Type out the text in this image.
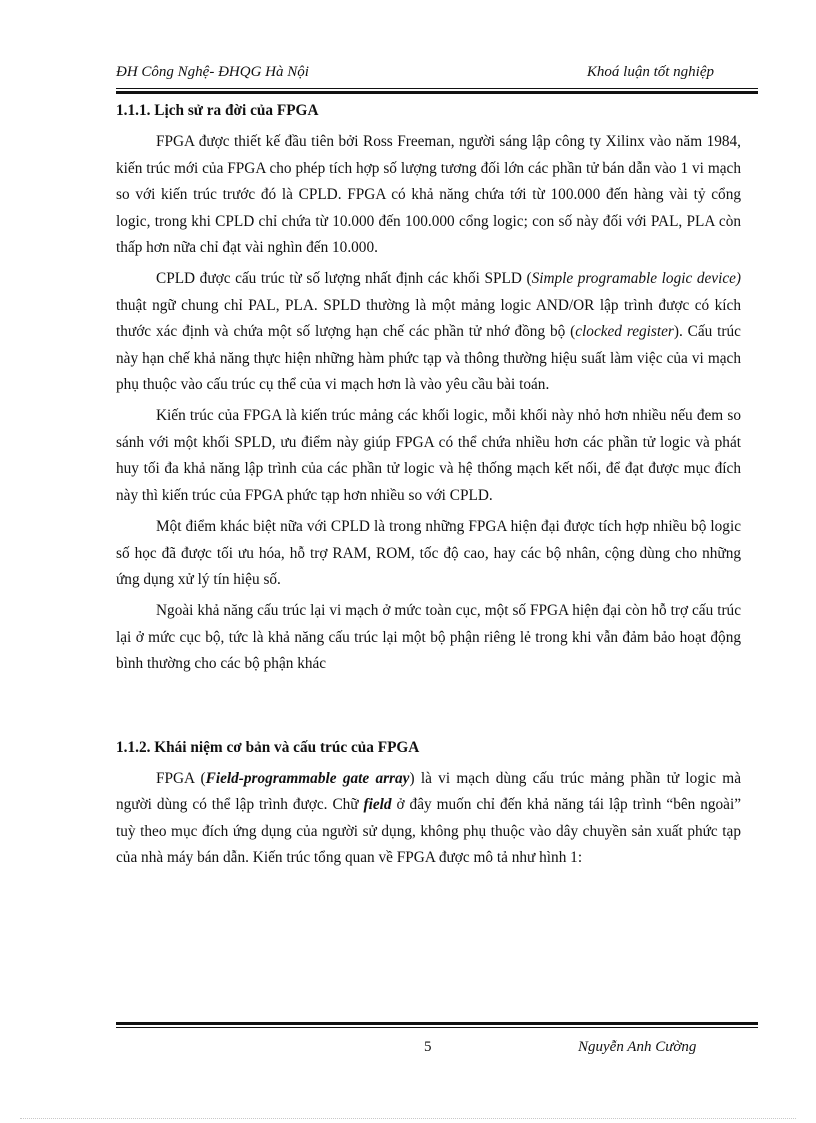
ĐH Công Nghệ- ĐHQG Hà Nội	Khoá luận tốt nghiệp

1.1.1. Lịch sử ra đời của FPGA

FPGA được thiết kế đầu tiên bởi Ross Freeman, người sáng lập công ty Xilinx vào năm 1984, kiến trúc mới của FPGA cho phép tích hợp số lượng tương đối lớn các phần tử bán dẫn vào 1 vi mạch so với kiến trúc trước đó là CPLD. FPGA có khả năng chứa tới từ 100.000 đến hàng vài tỷ cổng logic, trong khi CPLD chỉ chứa từ 10.000 đến 100.000 cổng logic; con số này đối với PAL, PLA còn thấp hơn nữa chỉ đạt vài nghìn đến 10.000.

CPLD được cấu trúc từ số lượng nhất định các khối SPLD (Simple programable logic device) thuật ngữ chung chỉ PAL, PLA. SPLD thường là một mảng logic AND/OR lập trình được có kích thước xác định và chứa một số lượng hạn chế các phần tử nhớ đồng bộ (clocked register). Cấu trúc này hạn chế khả năng thực hiện những hàm phức tạp và thông thường hiệu suất làm việc của vi mạch phụ thuộc vào cấu trúc cụ thể của vi mạch hơn là vào yêu cầu bài toán.

Kiến trúc của FPGA là kiến trúc mảng các khối logic, mỗi khối này nhỏ hơn nhiều nếu đem so sánh với một khối SPLD, ưu điểm này giúp FPGA có thể chứa nhiều hơn các phần tử logic và phát huy tối đa khả năng lập trình của các phần tử logic và hệ thống mạch kết nối, để đạt được mục đích này thì kiến trúc của FPGA phức tạp hơn nhiều so với CPLD.

Một điểm khác biệt nữa với CPLD là trong những FPGA hiện đại được tích hợp nhiều bộ logic số học đã được tối ưu hóa, hỗ trợ RAM, ROM, tốc độ cao, hay các bộ nhân, cộng dùng cho những ứng dụng xử lý tín hiệu số.

Ngoài khả năng cấu trúc lại vi mạch ở mức toàn cục, một số FPGA hiện đại còn hỗ trợ cấu trúc lại ở mức cục bộ, tức là khả năng cấu trúc lại một bộ phận riêng lẻ trong khi vẫn đảm bảo hoạt động bình thường cho các bộ phận khác

1.1.2. Khái niệm cơ bản và cấu trúc của FPGA

FPGA (Field-programmable gate array) là vi mạch dùng cấu trúc mảng phần tử logic mà người dùng có thể lập trình được. Chữ field ở đây muốn chỉ đến khả năng tái lập trình “bên ngoài” tuỳ theo mục đích ứng dụng của người sử dụng, không phụ thuộc vào dây chuyền sản xuất phức tạp của nhà máy bán dẫn. Kiến trúc tổng quan về FPGA được mô tả như hình 1:

5	Nguyễn Anh Cường
